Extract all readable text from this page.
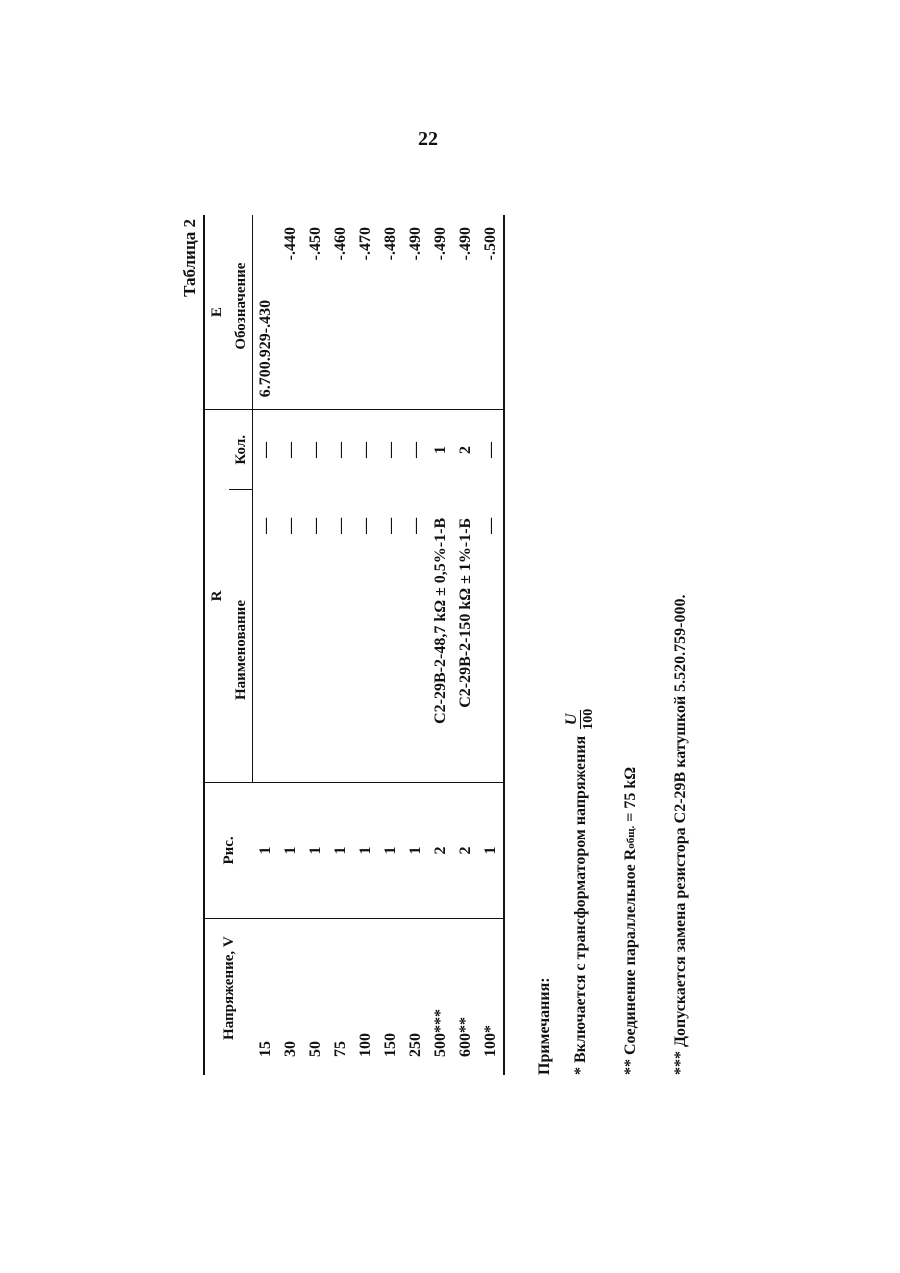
22
Таблица 2
Напряжение, V	Рис.	R		Е
		Наименование	Кол.	Обозначение
15	1	—	—	6.700.929-.430
30	1	—	—	-.440
50	1	—	—	-.450
75	1	—	—	-.460
100	1	—	—	-.470
150	1	—	—	-.480
250	1	—	—	-.490
500***	2	С2-29В-2-48,7 kΩ ± 0,5%-1-В	1	-.490
600**	2	С2-29В-2-150 kΩ ± 1%-1-Б	2	-.490
100*	1	—	—	-.500
Примечания:	* Включается с трансформатором напряжения
U 100
** Соединение параллельное R
общ.

= 75 kΩ	*** Допускается замена резистора С2-29В катушкой 5.520.759-000.
